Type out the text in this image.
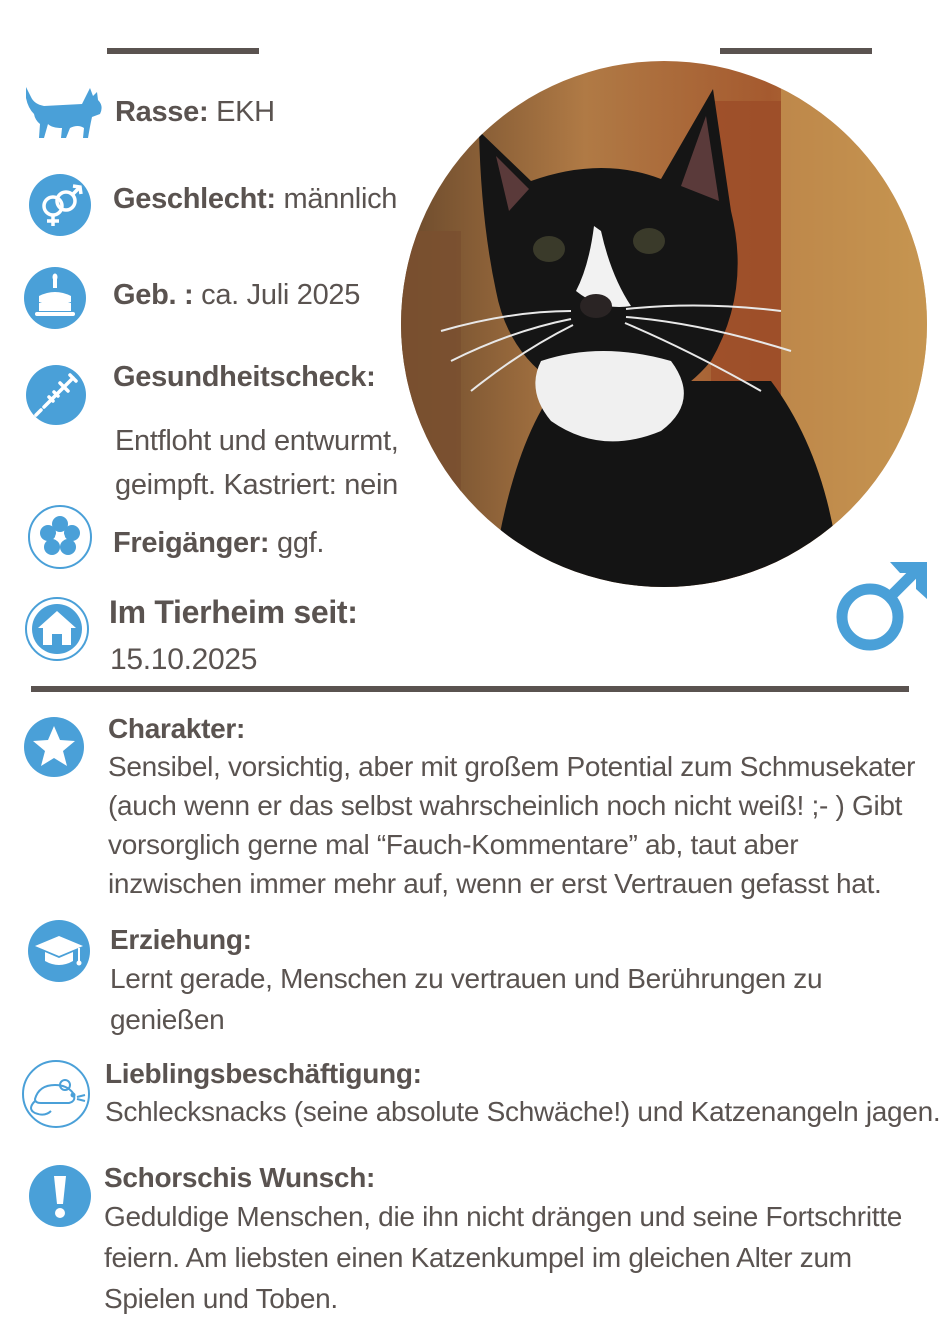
Rasse: EKH
Geschlecht: männlich
Geb. : ca. Juli 2025
Gesundheitscheck:
Entfloht und entwurmt,
geimpft. Kastriert: nein
Freigänger: ggf.
Im Tierheim seit:
15.10.2025
Charakter:
Sensibel, vorsichtig, aber mit großem Potential zum Schmusekater
(auch wenn er das selbst wahrscheinlich noch nicht weiß! ;- ) Gibt
vorsorglich gerne mal “Fauch-Kommentare” ab, taut aber
inzwischen immer mehr auf, wenn er erst Vertrauen gefasst hat.
Erziehung:
Lernt gerade, Menschen zu vertrauen und Berührungen zu
genießen
Lieblingsbeschäftigung:
Schlecksnacks (seine absolute Schwäche!) und Katzenangeln jagen.
Schorschis Wunsch:
Geduldige Menschen, die ihn nicht drängen und seine Fortschritte
feiern. Am liebsten einen Katzenkumpel im gleichen Alter zum
Spielen und Toben.
